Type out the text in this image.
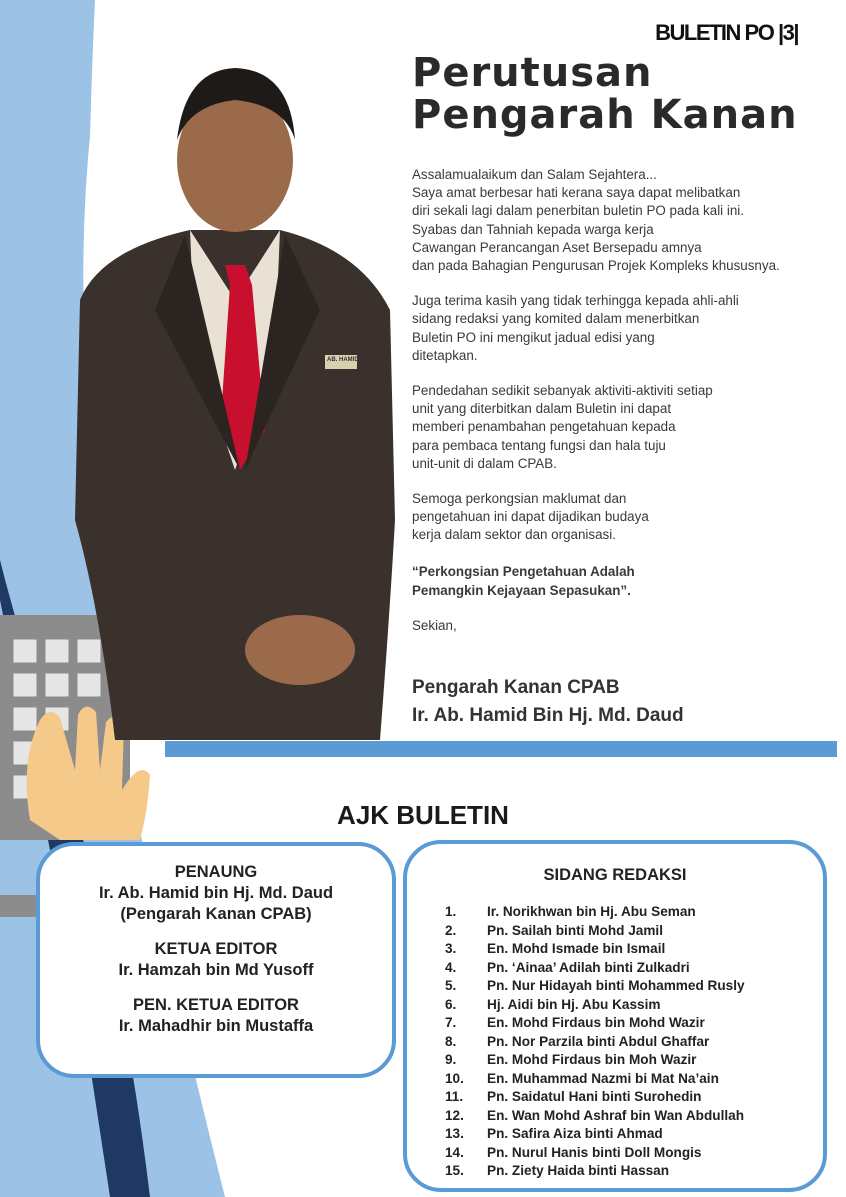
AB. HAMID
BULETIN PO |3|
Perutusan
Pengarah Kanan

Assalamualaikum dan Salam Sejahtera...
Saya amat berbesar hati kerana saya dapat melibatkan
diri sekali lagi dalam penerbitan buletin PO pada kali ini.
Syabas dan Tahniah kepada warga kerja
Cawangan Perancangan Aset Bersepadu amnya
dan pada Bahagian Pengurusan Projek Kompleks khususnya.

Juga terima kasih yang tidak terhingga kepada ahli-ahli
sidang redaksi yang komited dalam menerbitkan
Buletin PO ini mengikut jadual edisi yang
ditetapkan.

Pendedahan sedikit sebanyak aktiviti-aktiviti setiap
unit yang diterbitkan dalam Buletin ini dapat
memberi penambahan pengetahuan kepada
para pembaca tentang fungsi dan hala tuju
unit-unit di dalam CPAB.

Semoga perkongsian maklumat dan
pengetahuan ini dapat dijadikan budaya
kerja dalam sektor dan organisasi.

“Perkongsian Pengetahuan Adalah
Pemangkin Kejayaan Sepasukan”.

Sekian,

Pengarah Kanan CPAB
Ir. Ab. Hamid Bin Hj. Md. Daud
AJK BULETIN
PENAUNG
Ir. Ab. Hamid bin Hj. Md. Daud
(Pengarah Kanan CPAB)
KETUA EDITOR
Ir. Hamzah bin Md Yusoff
PEN. KETUA EDITOR
Ir. Mahadhir bin Mustaffa
SIDANG REDAKSI
1.	Ir. Norikhwan bin Hj. Abu Seman
2.	Pn. Sailah binti Mohd Jamil
3.	En. Mohd Ismade bin Ismail
4.	Pn. ‘Ainaa’ Adilah binti Zulkadri
5.	Pn. Nur Hidayah binti Mohammed Rusly
6.	Hj. Aidi bin Hj. Abu Kassim
7.	En. Mohd Firdaus bin Mohd Wazir
8.	Pn. Nor Parzila binti Abdul Ghaffar
9.	En. Mohd Firdaus bin Moh Wazir
10.	En. Muhammad Nazmi bi Mat Na’ain
11.	Pn. Saidatul Hani binti Surohedin
12.	En. Wan Mohd Ashraf bin Wan Abdullah
13.	Pn. Safira Aiza binti Ahmad
14.	Pn. Nurul Hanis binti Doll Mongis
15.	Pn. Ziety Haida binti Hassan
